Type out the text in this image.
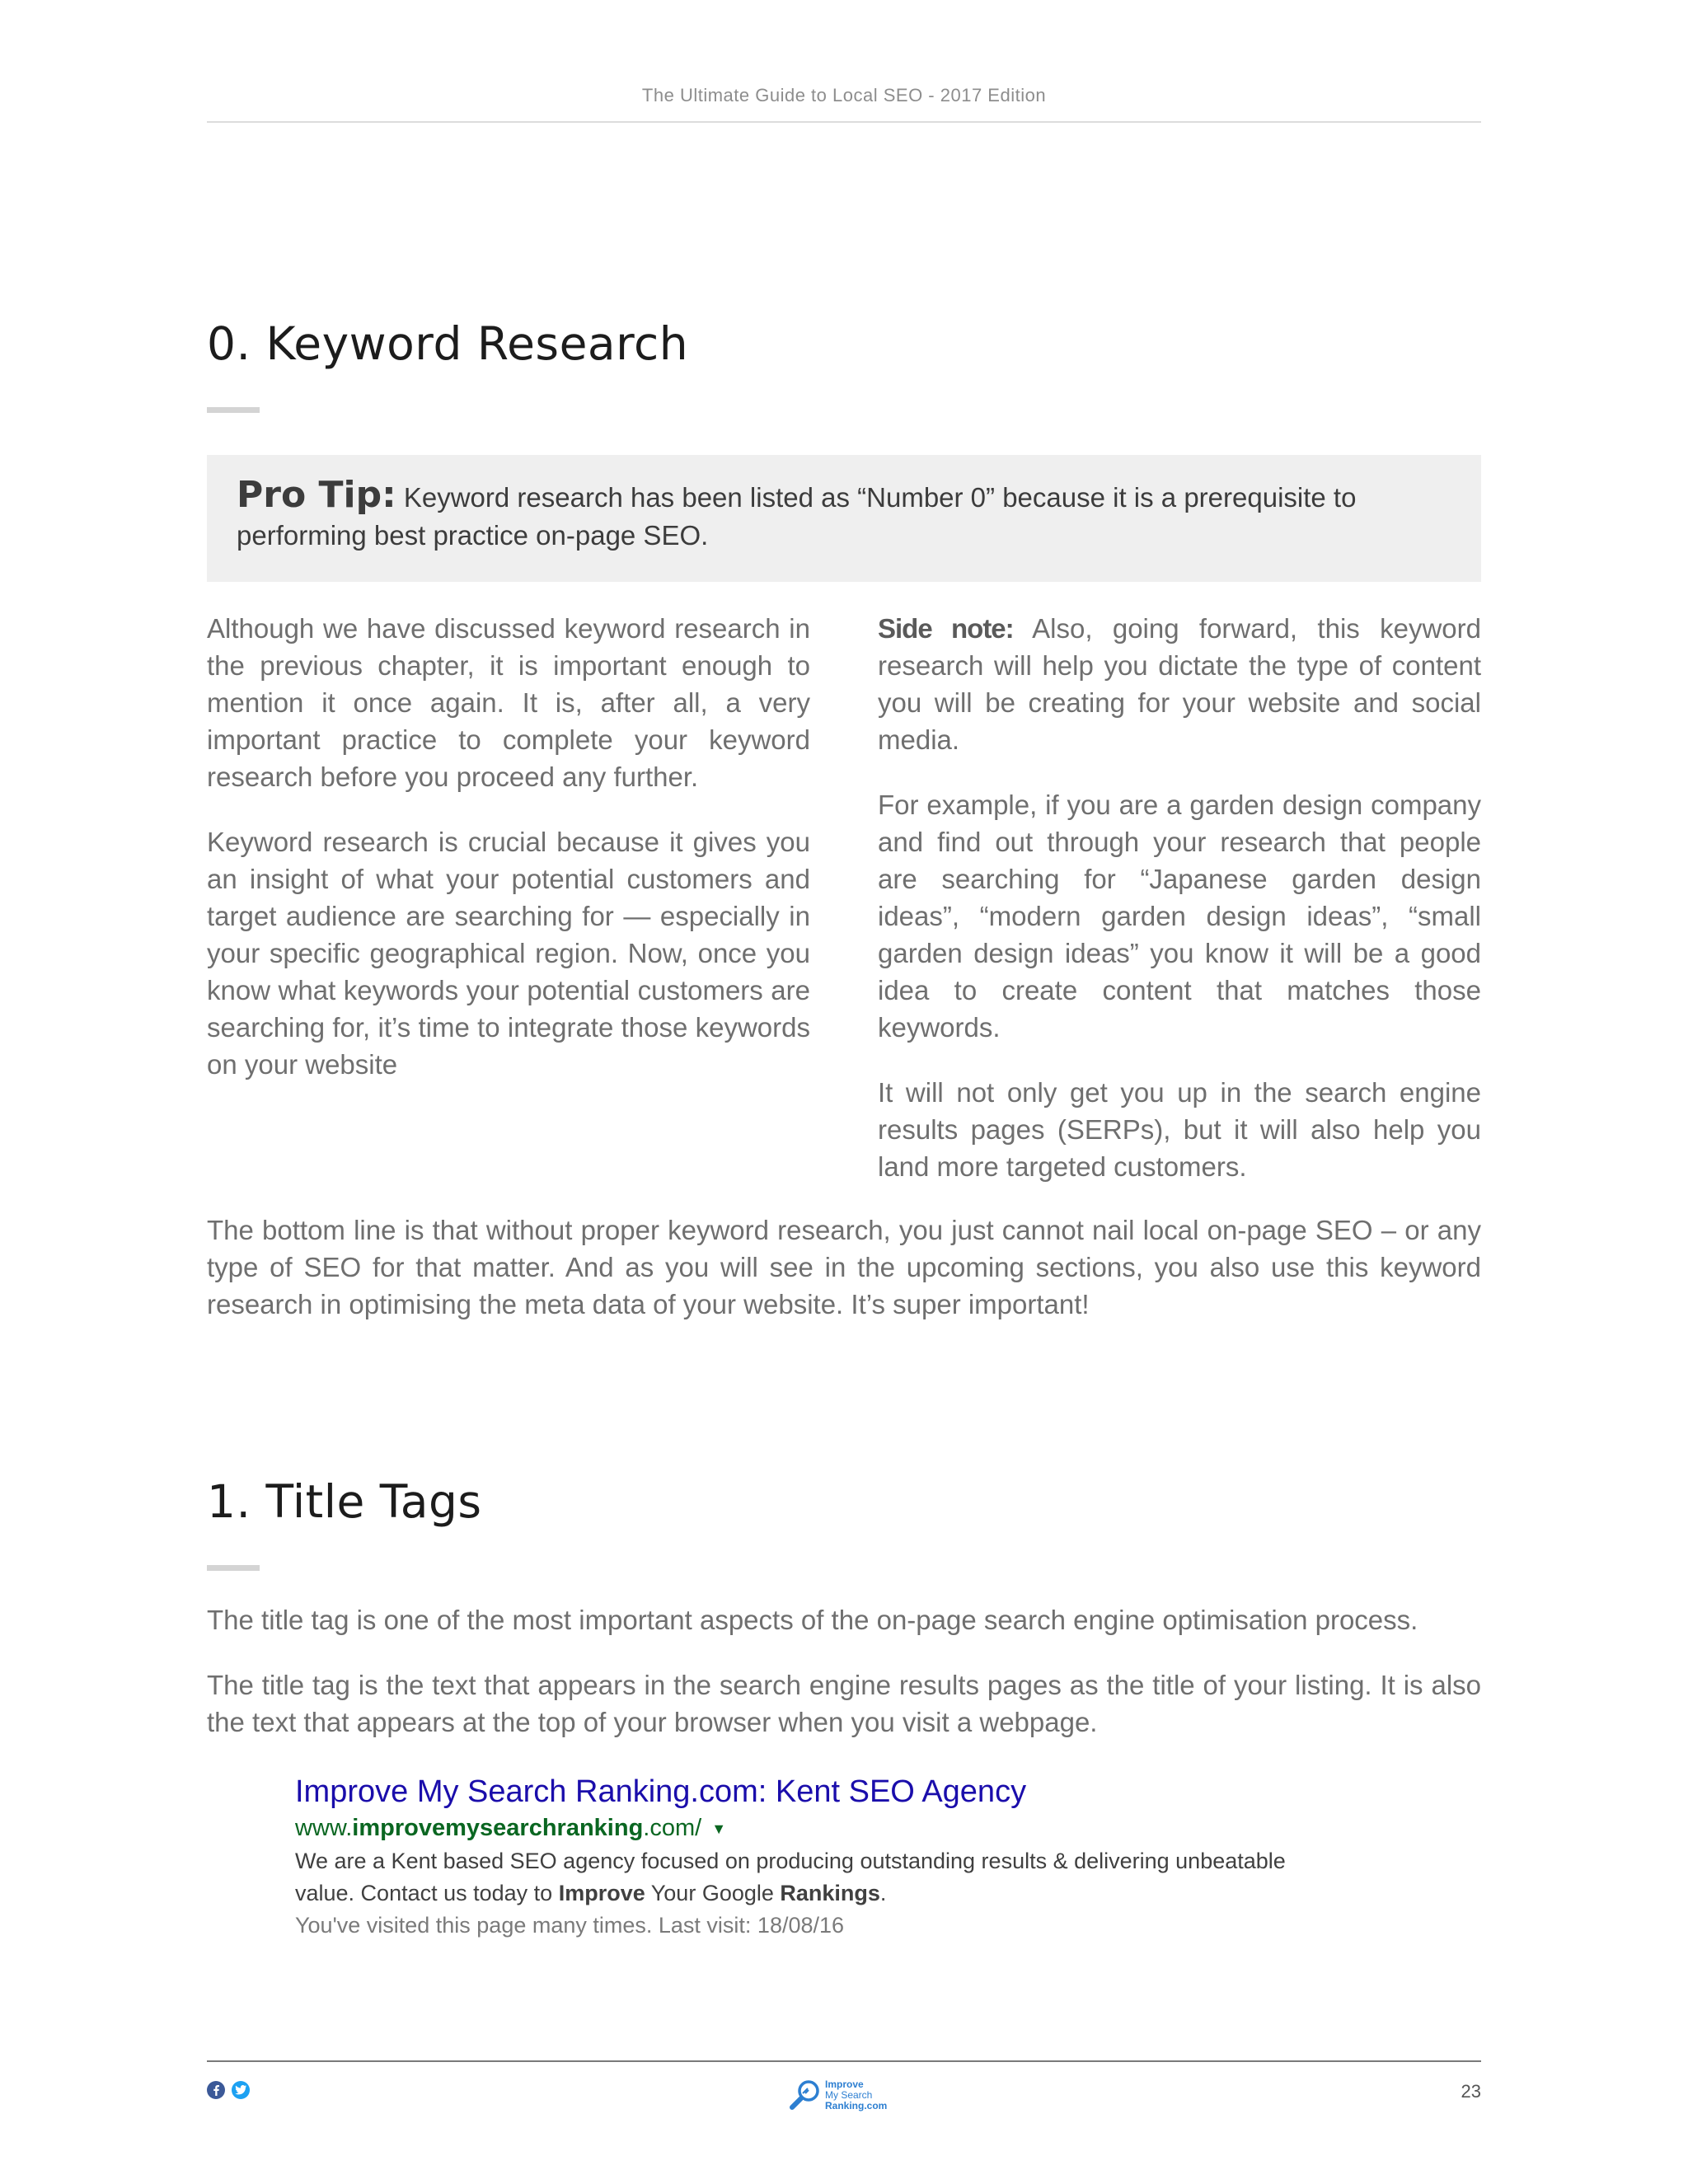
The Ultimate Guide to Local SEO - 2017 Edition
0. Keyword Research
Pro Tip: Keyword research has been listed as “Number 0” because it is a prerequisite to performing best practice on-page SEO.

Although we have discussed keyword research in the previous chapter, it is important enough to mention it once again. It is, after all, a very important practice to complete your keyword research before you proceed any further.

Keyword research is crucial because it gives you an insight of what your potential customers and target audience are searching for — especially in your specific geographical region. Now, once you know what keywords your potential customers are searching for, it’s time to integrate those keywords on your website

Side note: Also, going forward, this keyword research will help you dictate the type of content you will be creating for your website and social media.

For example, if you are a garden design company and find out through your research that people are searching for “Japanese garden design ideas”, “modern garden design ideas”, “small garden design ideas” you know it will be a good idea to create content that matches those keywords.

It will not only get you up in the search engine results pages (SERPs), but it will also help you land more targeted customers.

The bottom line is that without proper keyword research, you just cannot nail local on-page SEO – or any type of SEO for that matter. And as you will see in the upcoming sections, you also use this keyword research in optimising the meta data of your website. It’s super important!

1. Title Tags

The title tag is one of the most important aspects of the on-page search engine optimisation process.

The title tag is the text that appears in the search engine results pages as the title of your listing. It is also the text that appears at the top of your browser when you visit a webpage.

Improve My Search Ranking.com: Kent SEO Agency
www.improvemysearchranking.com/ ▼
We are a Kent based SEO agency focused on producing outstanding results & delivering unbeatable
value. Contact us today to Improve Your Google Rankings.
You've visited this page many times. Last visit: 18/08/16
Improve
My Search
Ranking.com
23
